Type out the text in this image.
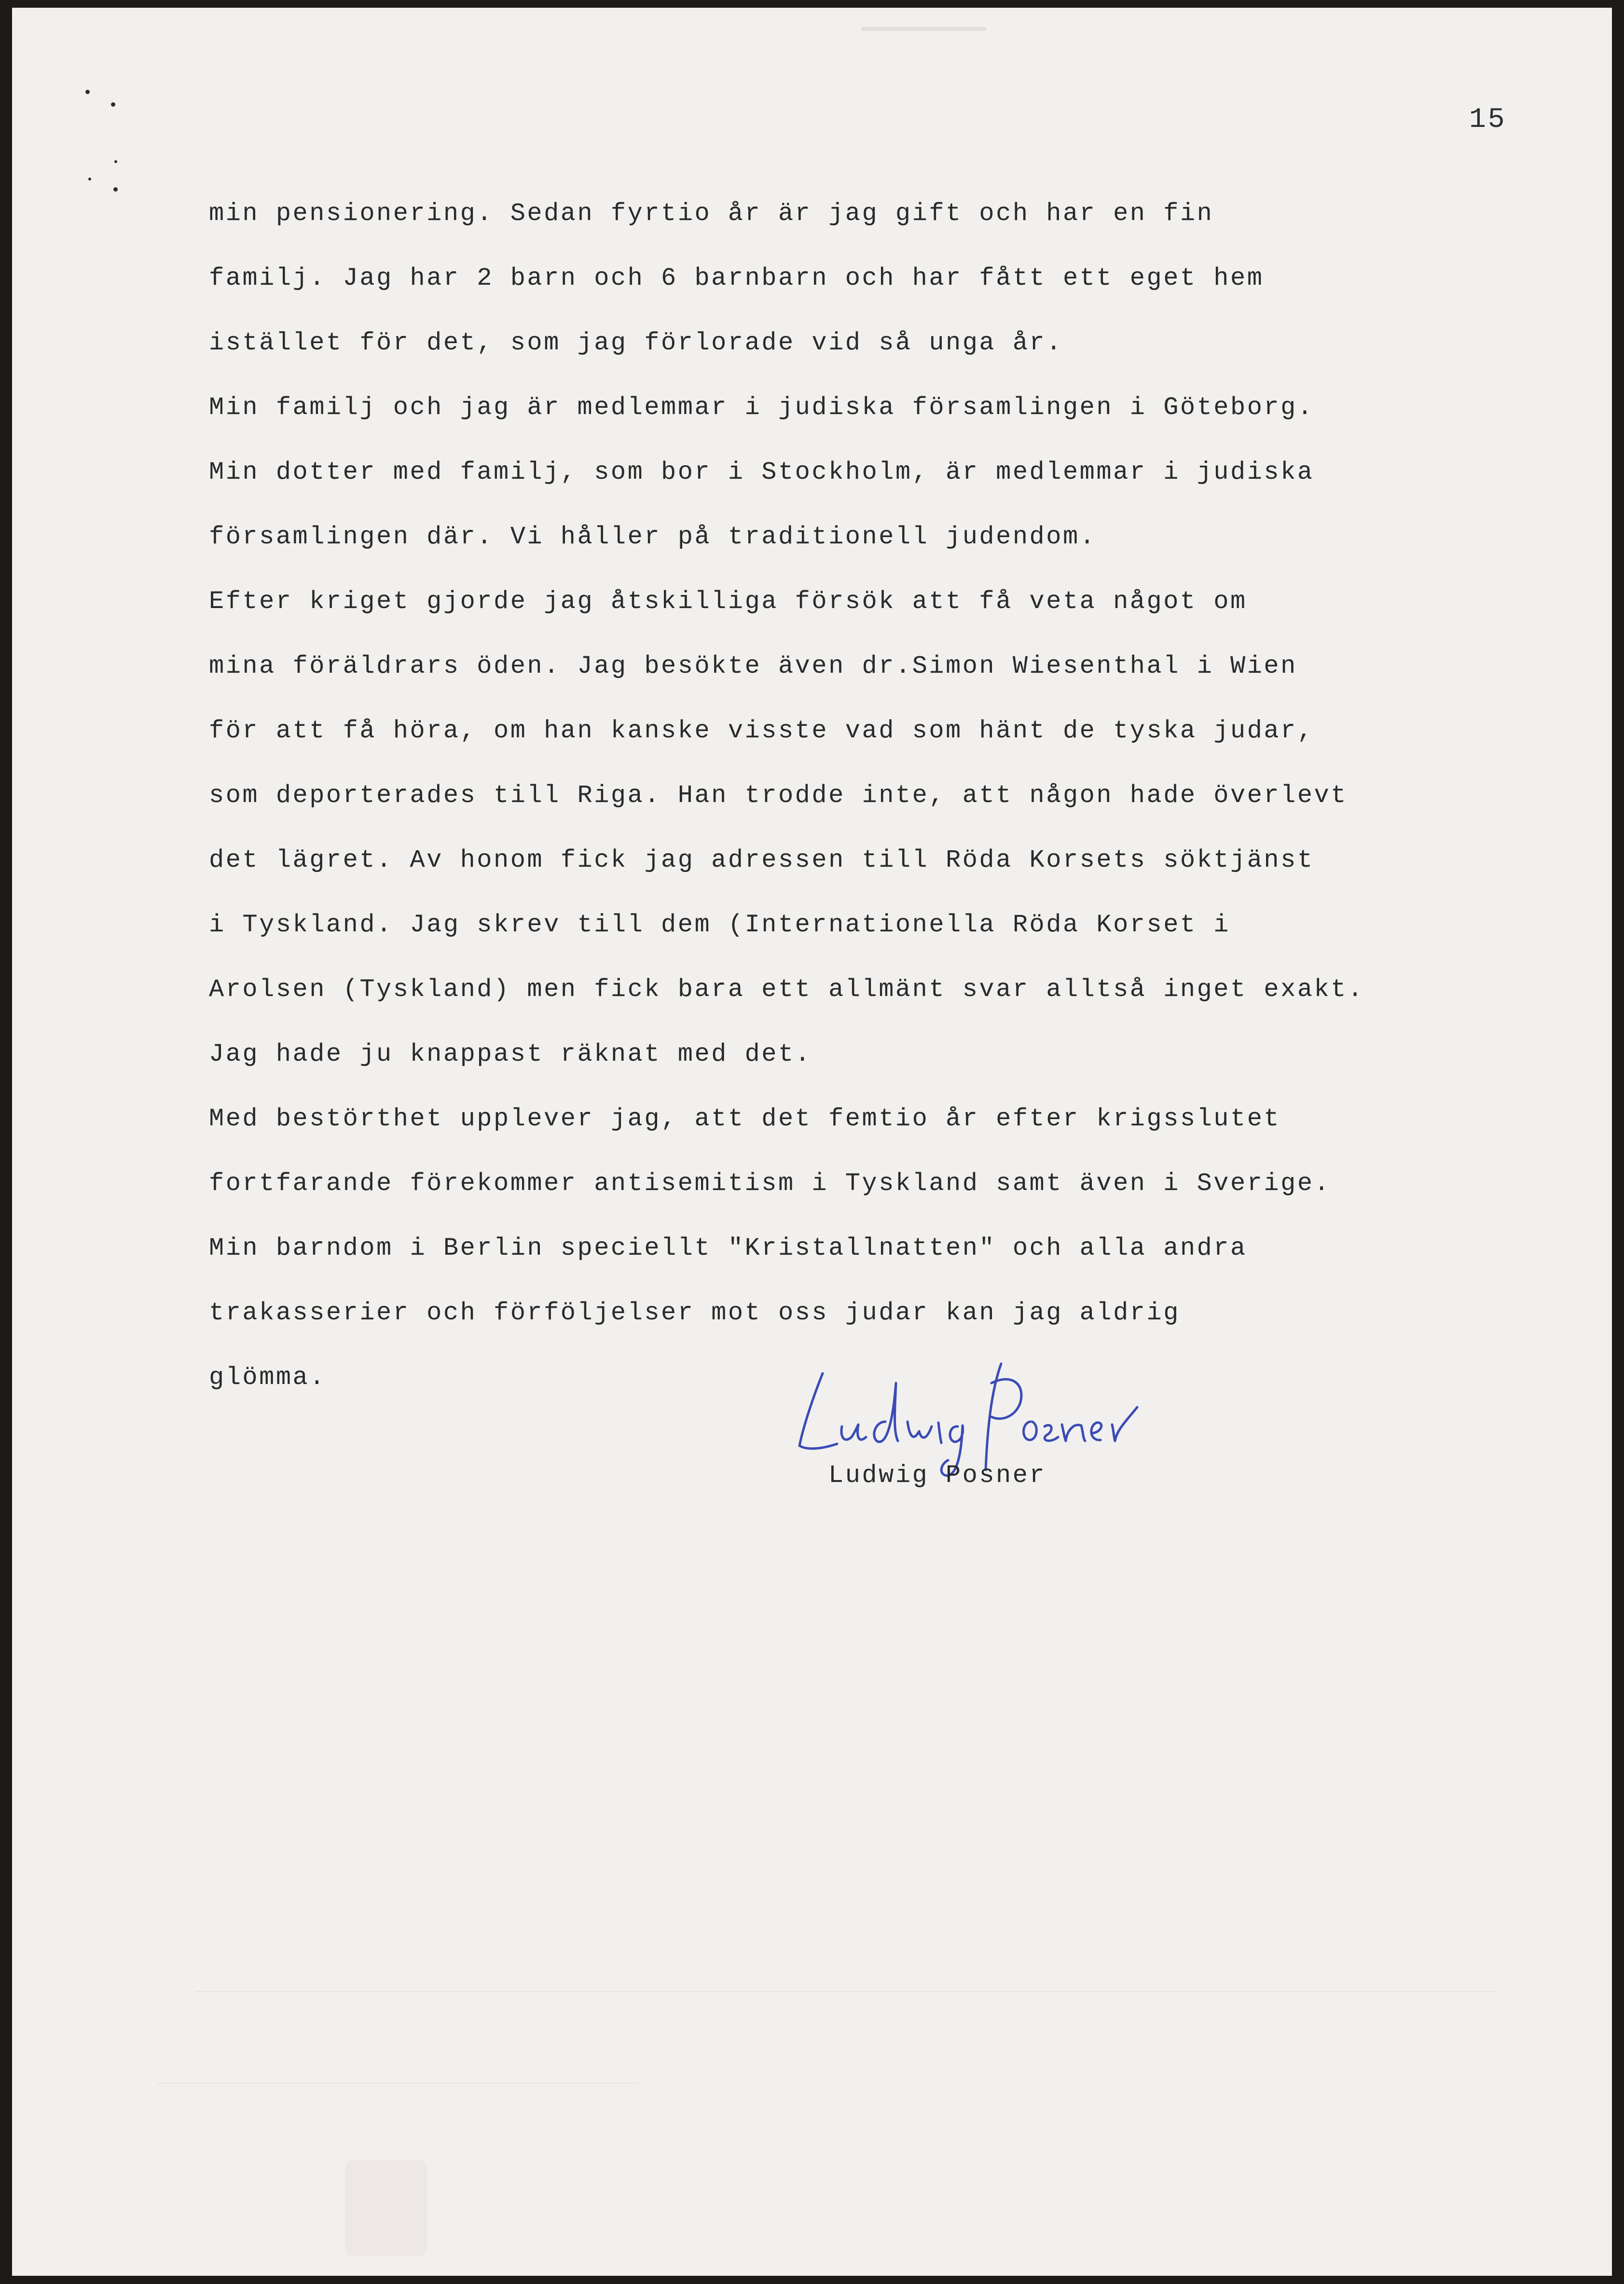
15
min pensionering. Sedan fyrtio år är jag gift och har en fin
familj. Jag har 2 barn och 6 barnbarn och har fått ett eget hem
istället för det, som jag förlorade vid så unga år.
Min familj och jag är medlemmar i judiska församlingen i Göteborg.
Min dotter med familj, som bor i Stockholm, är medlemmar i judiska
församlingen där. Vi håller på traditionell judendom.
Efter kriget gjorde jag åtskilliga försök att få veta något om
mina föräldrars öden. Jag besökte även dr.Simon Wiesenthal i Wien
för att få höra, om han kanske visste vad som hänt de tyska judar,
som deporterades till Riga. Han trodde inte, att någon hade överlevt
det lägret. Av honom fick jag adressen till Röda Korsets söktjänst
i Tyskland. Jag skrev till dem (Internationella Röda Korset i
Arolsen (Tyskland) men fick bara ett allmänt svar alltså inget exakt.
Jag hade ju knappast räknat med det.
Med bestörthet upplever jag, att det femtio år efter krigsslutet
fortfarande förekommer antisemitism i Tyskland samt även i Sverige.
Min barndom i Berlin speciellt "Kristallnatten" och alla andra
trakasserier och förföljelser mot oss judar kan jag aldrig
glömma.
Ludwig Posner
